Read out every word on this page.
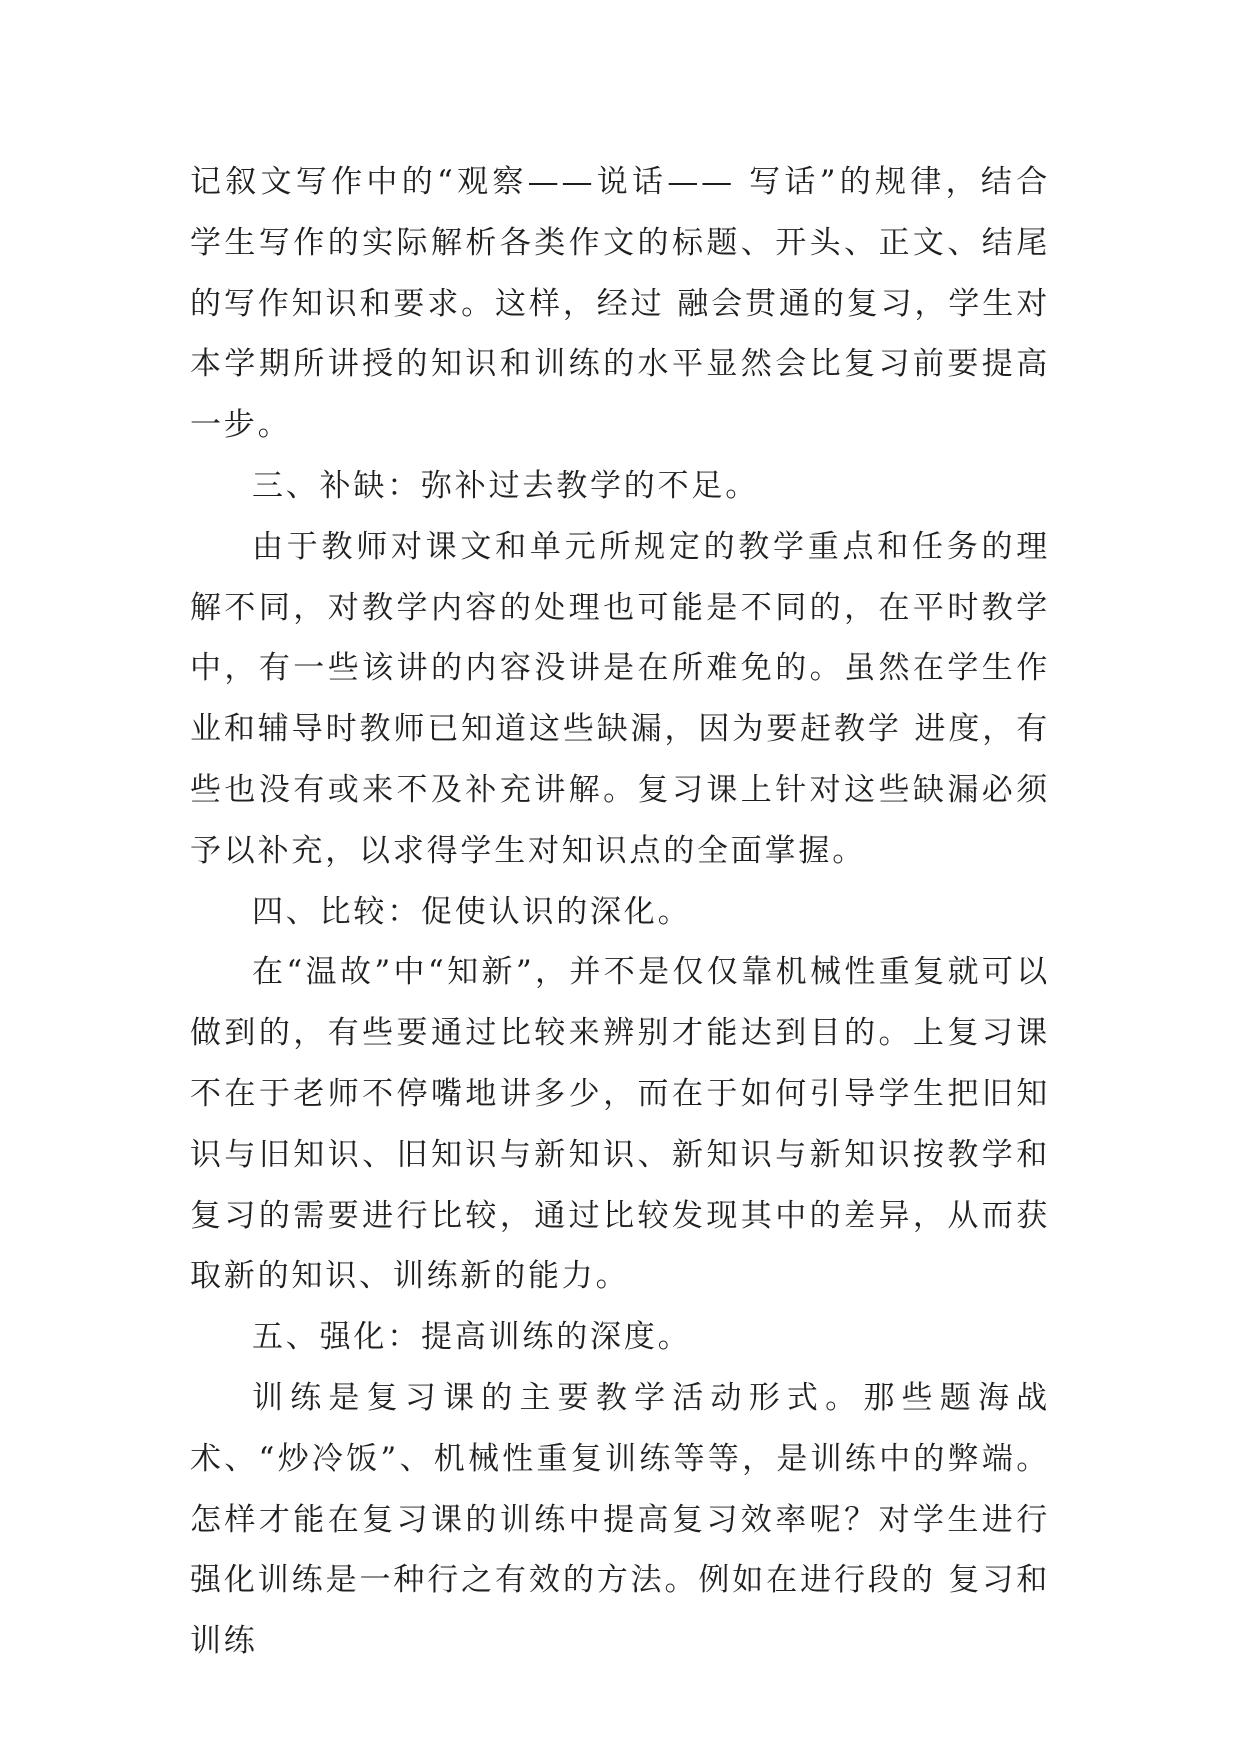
记叙文写作中的“观察——说话—— 写话”的规律，结合学生写作的实际解析各类作文的标题、开头、正文、结尾的写作知识和要求。这样，经过 融会贯通的复习，学生对本学期所讲授的知识和训练的水平显然会比复习前要提高一步。

三、补缺：弥补过去教学的不足。

由于教师对课文和单元所规定的教学重点和任务的理解不同，对教学内容的处理也可能是不同的，在平时教学中，有一些该讲的内容没讲是在所难免的。虽然在学生作业和辅导时教师已知道这些缺漏，因为要赶教学 进度，有些也没有或来不及补充讲解。复习课上针对这些缺漏必须予以补充，以求得学生对知识点的全面掌握。

四、比较：促使认识的深化。

在“温故”中“知新”，并不是仅仅靠机械性重复就可以做到的，有些要通过比较来辨别才能达到目的。上复习课不在于老师不停嘴地讲多少，而在于如何引导学生把旧知识与旧知识、旧知识与新知识、新知识与新知识按教学和复习的需要进行比较，通过比较发现其中的差异，从而获取新的知识、训练新的能力。

五、强化：提高训练的深度。

训练是复习课的主要教学活动形式。那些题海战术、“炒冷饭”、机械性重复训练等等，是训练中的弊端。怎样才能在复习课的训练中提高复习效率呢？对学生进行强化训练是一种行之有效的方法。例如在进行段的 复习和训练
